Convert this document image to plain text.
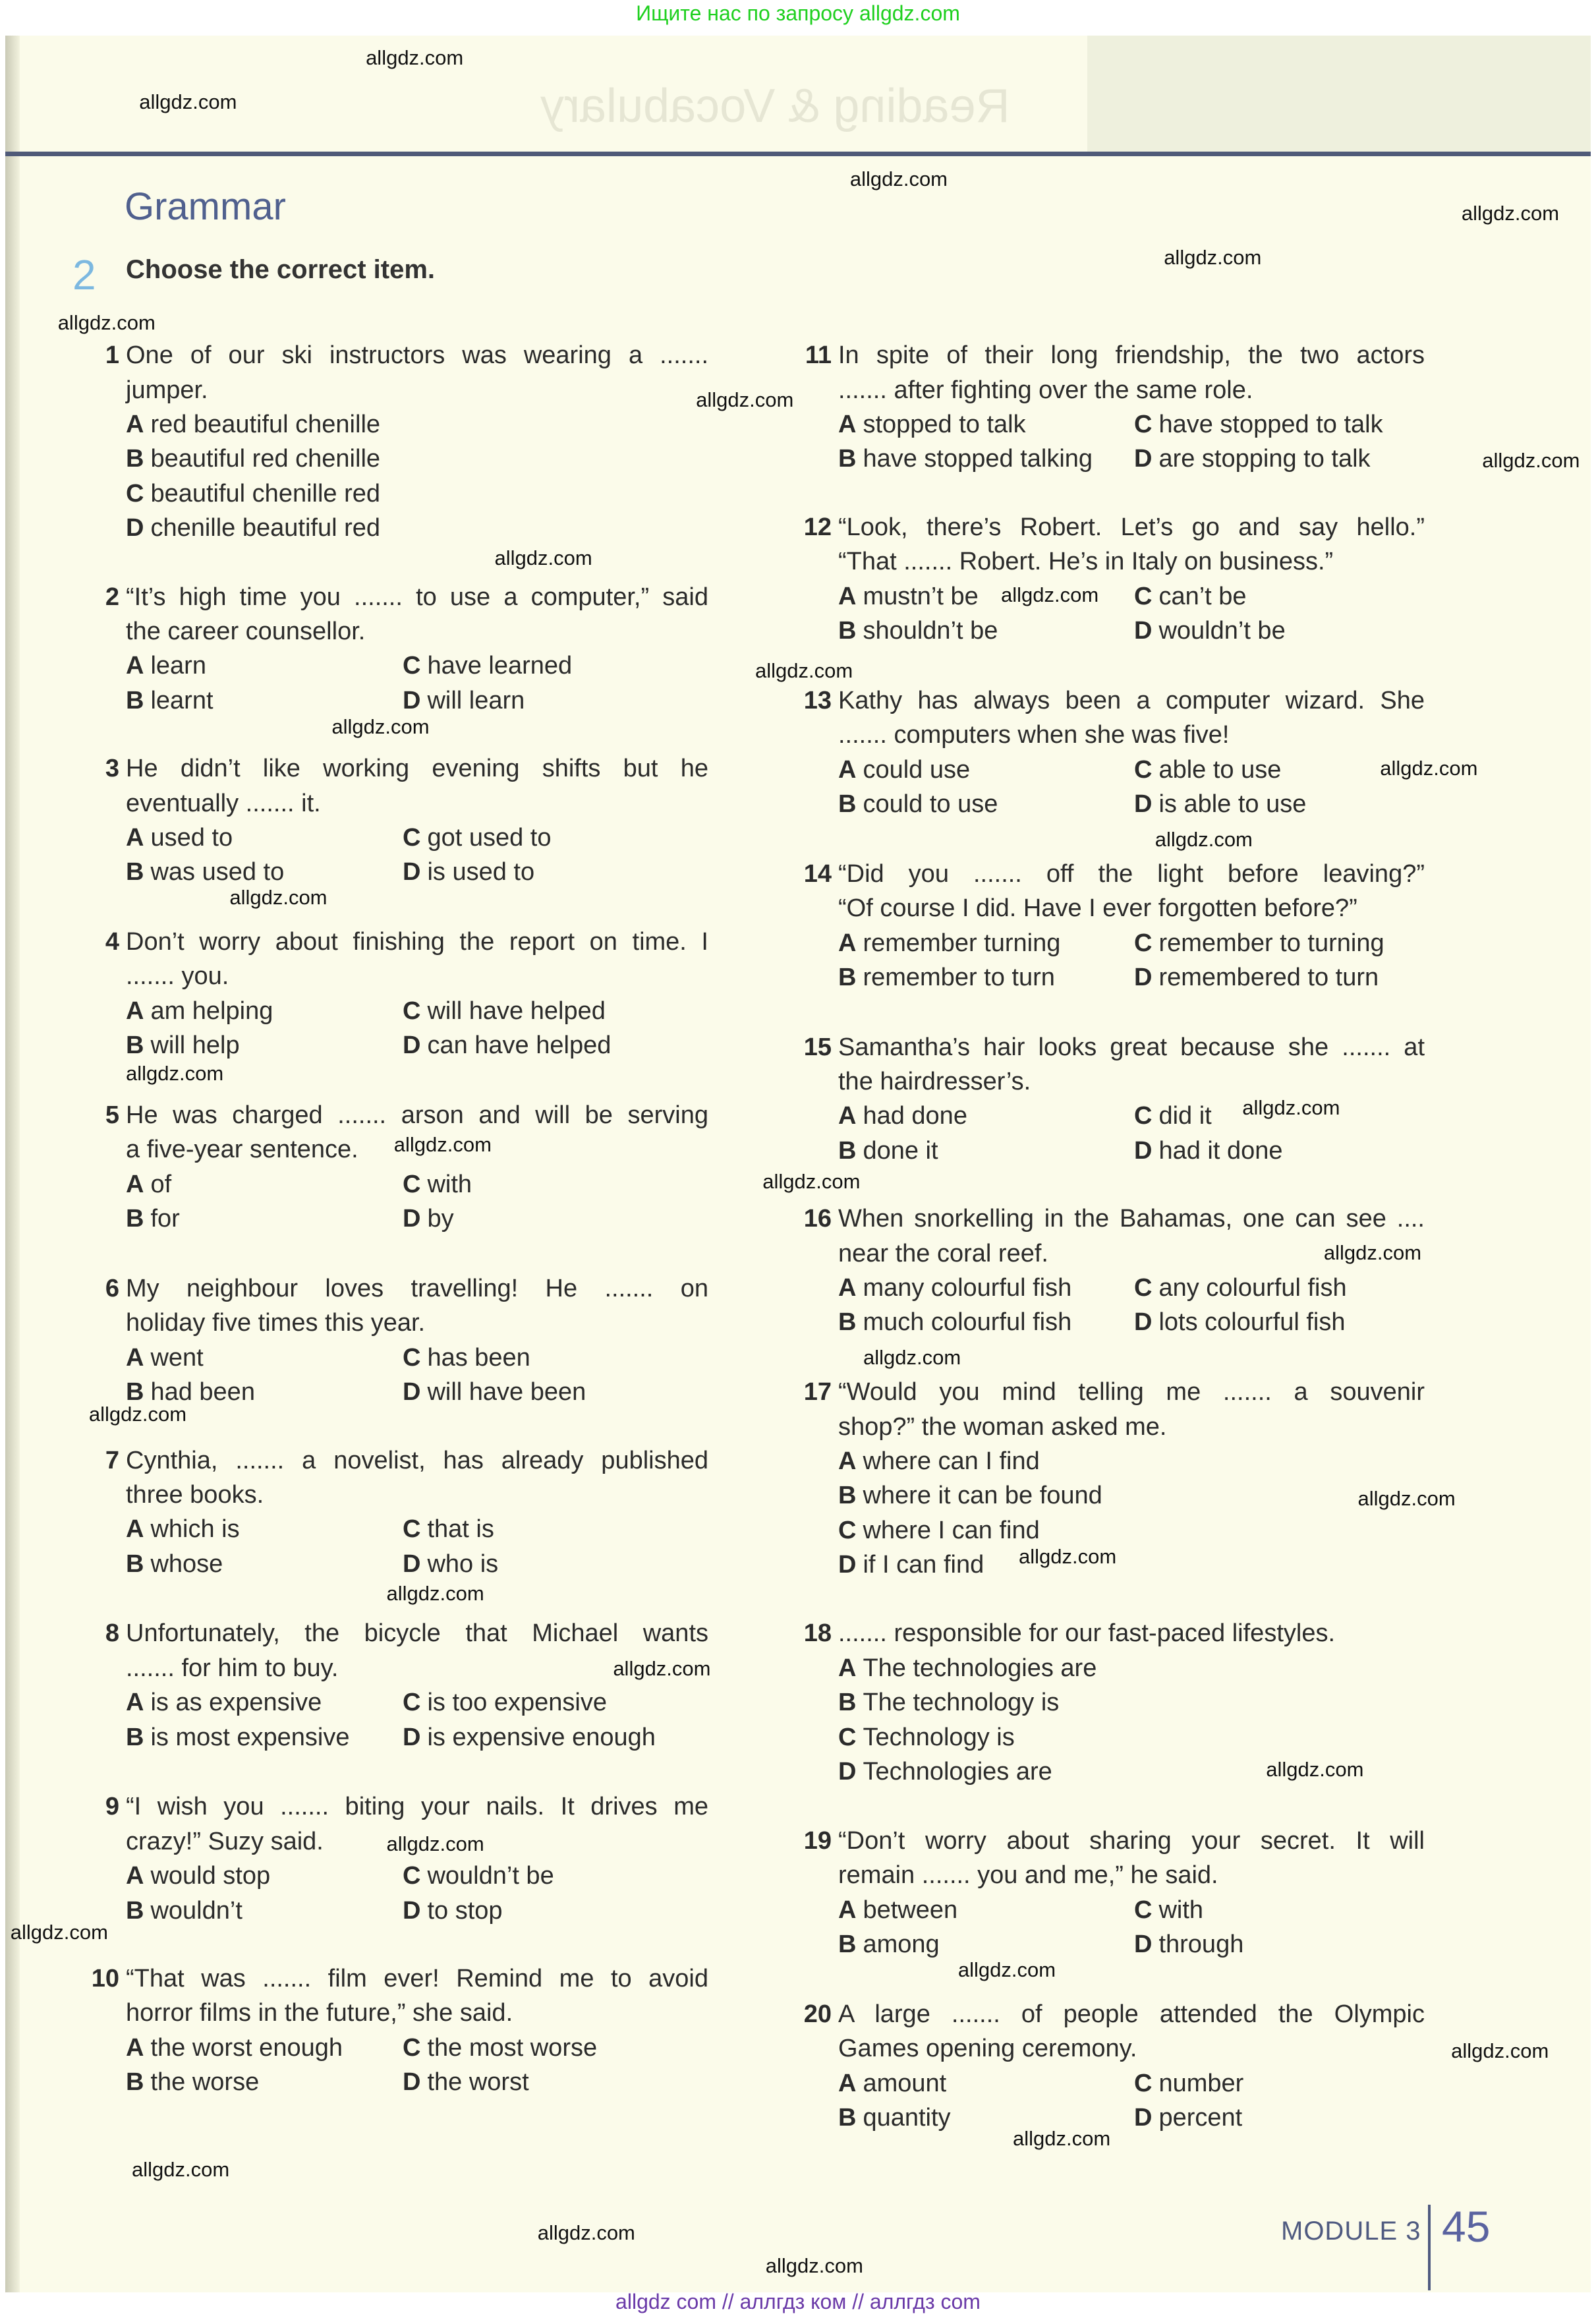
Ищите нас по запросу allgdz.com
Reading & Vocabulary
Grammar
2 Choose the correct item.
1 One of our ski instructors was wearing a .......
jumper.
A red beautiful chenille
B beautiful red chenille
C beautiful chenille red
D chenille beautiful red
2 “It’s high time you ....... to use a computer,” said
the career counsellor.
A learn
B learnt
C have learned
D will learn
3 He didn’t like working evening shifts but he
eventually ....... it.
A used to
B was used to
C got used to
D is used to
4 Don’t worry about finishing the report on time. I
....... you.
A am helping
B will help
C will have helped
D can have helped
5 He was charged ....... arson and will be serving
a five-year sentence.
A of
B for
C with
D by
6 My neighbour loves travelling! He ....... on
holiday five times this year.
A went
B had been
C has been
D will have been
7 Cynthia, ....... a novelist, has already published
three books.
A which is
B whose
C that is
D who is
8 Unfortunately, the bicycle that Michael wants
....... for him to buy.
A is as expensive
B is most expensive
C is too expensive
D is expensive enough
9 “I wish you ....... biting your nails. It drives me
crazy!” Suzy said.
A would stop
B wouldn’t
C wouldn’t be
D to stop
10 “That was ....... film ever! Remind me to avoid
horror films in the future,” she said.
A the worst enough
B the worse
C the most worse
D the worst
11 In spite of their long friendship, the two actors
....... after fighting over the same role.
A stopped to talk
B have stopped talking
C have stopped to talk
D are stopping to talk
12 “Look, there’s Robert. Let’s go and say hello.”
“That ....... Robert. He’s in Italy on business.”
A mustn’t be
B shouldn’t be
C can’t be
D wouldn’t be
13 Kathy has always been a computer wizard. She
....... computers when she was five!
A could use
B could to use
C able to use
D is able to use
14 “Did you ....... off the light before leaving?”
“Of course I did. Have I ever forgotten before?”
A remember turning
B remember to turn
C remember to turning
D remembered to turn
15 Samantha’s hair looks great because she ....... at
the hairdresser’s.
A had done
B done it
C did it
D had it done
16 When snorkelling in the Bahamas, one can see ....
near the coral reef.
A many colourful fish
B much colourful fish
C any colourful fish
D lots colourful fish
17 “Would you mind telling me ....... a souvenir
shop?” the woman asked me.
A where can I find
B where it can be found
C where I can find
D if I can find
18 ....... responsible for our fast-paced lifestyles.
A The technologies are
B The technology is
C Technology is
D Technologies are
19 “Don’t worry about sharing your secret. It will
remain ....... you and me,” he said.
A between
B among
C with
D through
20 A large ....... of people attended the Olympic
Games opening ceremony.
A amount
B quantity
C number
D percent
allgdz.com
allgdz.com
allgdz.com
allgdz.com
allgdz.com
allgdz.com
allgdz.com
allgdz.com
allgdz.com
allgdz.com
allgdz.com
allgdz.com
allgdz.com
allgdz.com
allgdz.com
allgdz.com
allgdz.com
allgdz.com
allgdz.com
allgdz.com
allgdz.com
allgdz.com
allgdz.com
allgdz.com
allgdz.com
allgdz.com
allgdz.com
allgdz.com
allgdz.com
allgdz.com
allgdz.com
allgdz.com
allgdz.com
allgdz.com
allgdz.com
MODULE 3 45
allgdz com // аллгдз ком // аллгдз com
